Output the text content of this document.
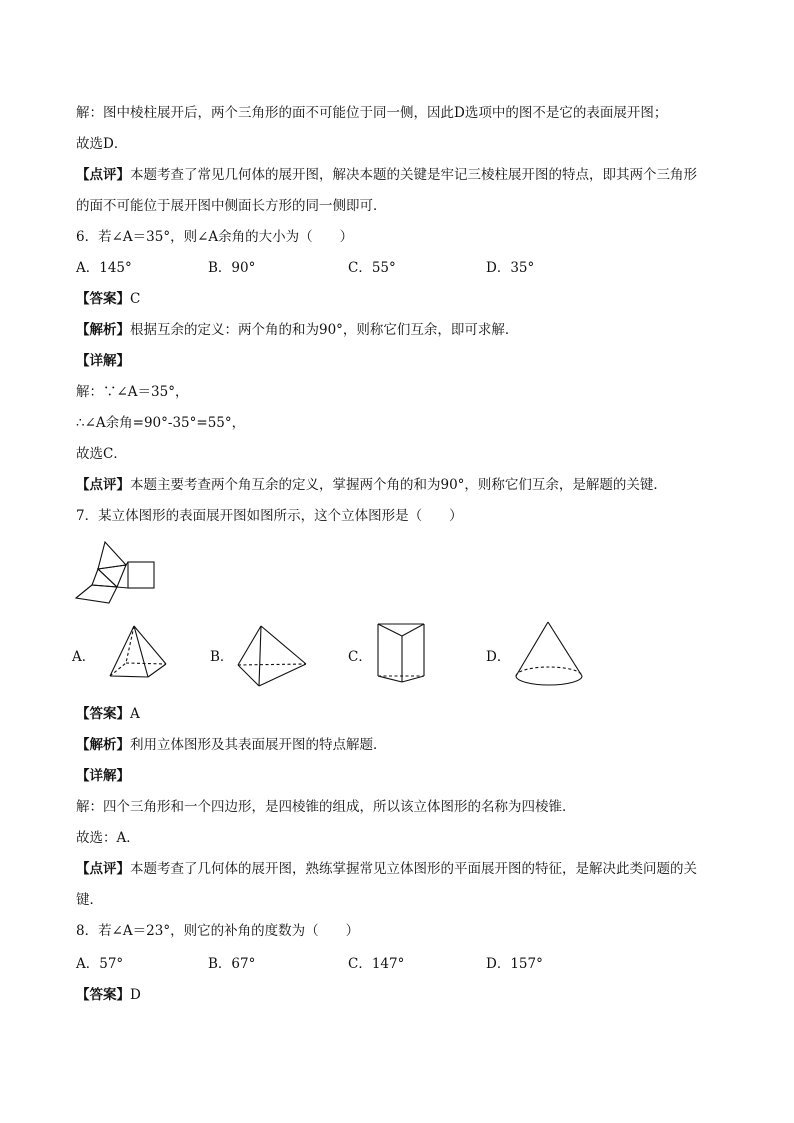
解：图中棱柱展开后，两个三角形的面不可能位于同一侧，因此D选项中的图不是它的表面展开图；
故选D．
【点评】本题考查了常见几何体的展开图，解决本题的关键是牢记三棱柱展开图的特点，即其两个三角形
的面不可能位于展开图中侧面长方形的同一侧即可．
6．若∠A＝35°，则∠A余角的大小为（　　）
A．145°	B．90°	C．55°	D．35°
【答案】C
【解析】根据互余的定义：两个角的和为90°，则称它们互余，即可求解．
【详解】
解：∵∠A＝35°，
∴∠A余角=90°-35°=55°，
故选C．
【点评】本题主要考查两个角互余的定义，掌握两个角的和为90°，则称它们互余，是解题的关键．
7．某立体图形的表面展开图如图所示，这个立体图形是（　　）
A．	B．	C．	D．
【答案】A
【解析】利用立体图形及其表面展开图的特点解题．
【详解】
解：四个三角形和一个四边形，是四棱锥的组成，所以该立体图形的名称为四棱锥．
故选：A．
【点评】本题考查了几何体的展开图，熟练掌握常见立体图形的平面展开图的特征，是解决此类问题的关
键．
8．若∠A＝23°，则它的补角的度数为（　　）
A．57°	B．67°	C．147°	D．157°
【答案】D
